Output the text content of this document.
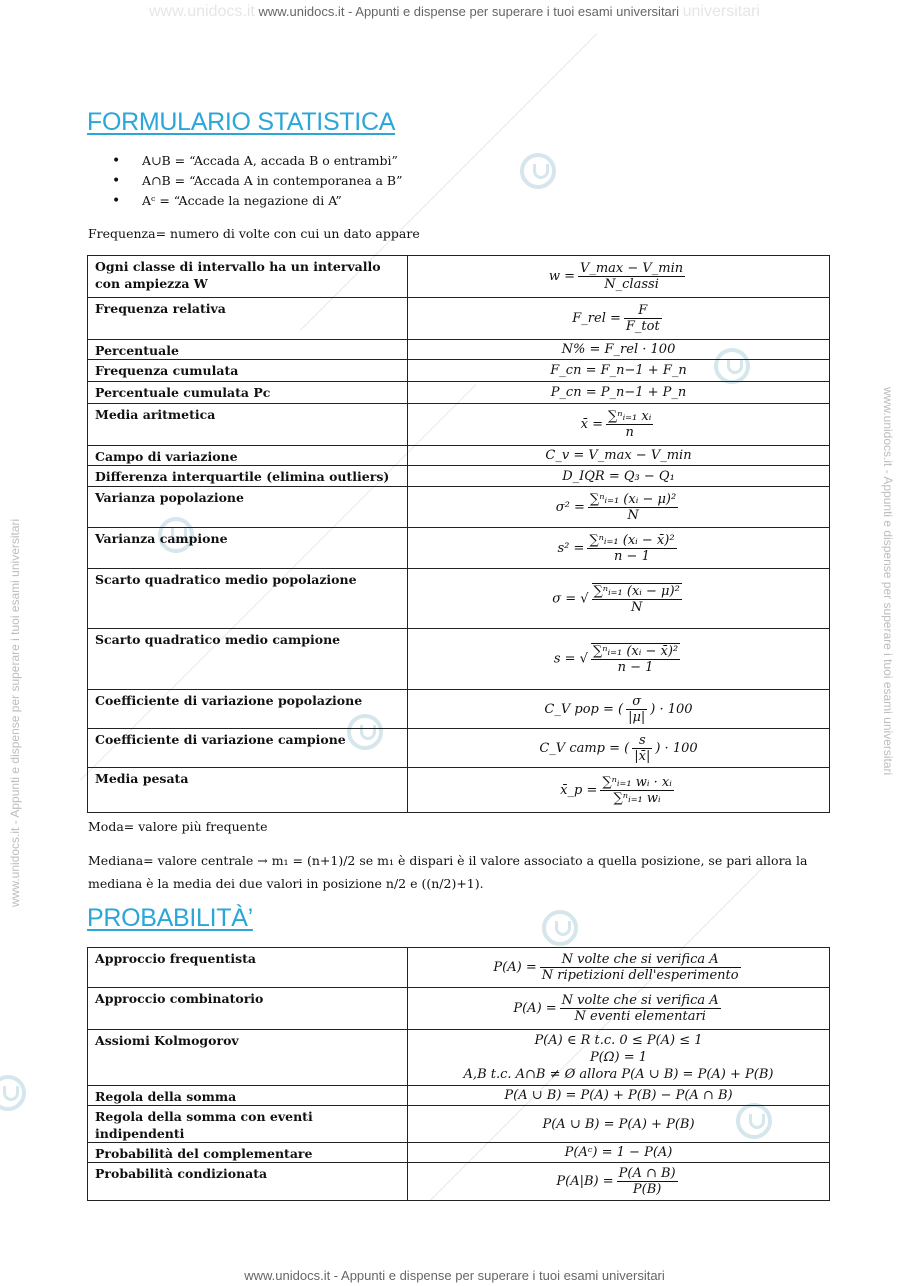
www.unidocs.it www.unidocs.it - Appunti e dispense per superare i tuoi esami universitari universitari
www.unidocs.it - Appunti e dispense per superare i tuoi esami universitari
www.unidocs.it - Appunti e dispense per superare i tuoi esami universitari	www.unidocs.it - Appunti e dispense per superare i tuoi esami universitari
FORMULARIO STATISTICA
• A∪B = “Accada A, accada B o entrambi”
• A∩B = “Accada A in contemporanea a B”
• Aᶜ = “Accade la negazione di A”

Frequenza= numero di volte con cui un dato appare

Ogni classe di intervallo ha un intervallo con ampiezza W	$w = \frac{V\_\max - V\_\min}{\text{N\_classi}}$

Frequenza relativa	F_rel = $\frac{F}{\text{F\_tot}}$

Percentuale	N% = F_rel · 100
Frequenza cumulata	F_cn = F_n−1 + F_n
Percentuale cumulata Pc	P_cn = P_n−1 + P_n
Media aritmetica	x̄ = $\frac{\text{∑ⁿᵢ₌₁ xᵢ}}{n}$

Campo di variazione	C_v = V_max − V_min
Differenza interquartile (elimina outliers)	D_IQR = Q₃ − Q₁
Varianza popolazione	$\sigma^2 = \frac{\text{∑ⁿᵢ₌₁ (xᵢ − μ)²}}{N}$

Varianza campione	$s^2 = \frac{\text{∑ⁿᵢ₌₁ (xᵢ − x̄)²}}{n - 1}$

Scarto quadratico medio popolazione	σ = √ $\frac{\text{∑ⁿᵢ₌₁ (xᵢ − μ)²}}{N}$

Scarto quadratico medio campione	s = √ $\frac{\text{∑ⁿᵢ₌₁ (xᵢ − x̄)²}}{n - 1}$

Coefficiente di variazione popolazione	C_V pop = ( $\frac{\sigma}{|\mu|}$ ) · 100
Coefficiente di variazione campione	C_V camp = ( $\frac{s}{|x̄|}$ ) · 100
Media pesata	x̄_p = $\frac{\text{∑ⁿᵢ₌₁ wᵢ · xᵢ}}{\text{∑ⁿᵢ₌₁ wᵢ}}$

Moda= valore più frequente

Mediana= valore centrale → m₁ = (n+1)/2 se m₁ è dispari è il valore associato a quella posizione, se pari allora la

mediana è la media dei due valori in posizione n/2 e ((n/2)+1).

PROBABILITÀ’
Approccio frequentista	$P(A) = \frac{\text{N volte che si verifica A}}{\text{N ripetizioni dell'esperimento}}$

Approccio combinatorio	$P(A) = \frac{\text{N volte che si verifica A}}{\text{N eventi elementari}}$

Assiomi Kolmogorov	P(A) ∈ R t.c. 0 ≤ P(A) ≤ 1
P(Ω) = 1
A,B t.c. A∩B ≠ Ø allora P(A ∪ B) = P(A) + P(B)

Regola della somma	P(A ∪ B) = P(A) + P(B) − P(A ∩ B)
Regola della somma con eventi indipendenti	P(A ∪ B) = P(A) + P(B)
Probabilità del complementare	P(Aᶜ) = 1 − P(A)
Probabilità condizionata	$P(A|B) = \frac{P(A \cap B)}{P(B)}$
